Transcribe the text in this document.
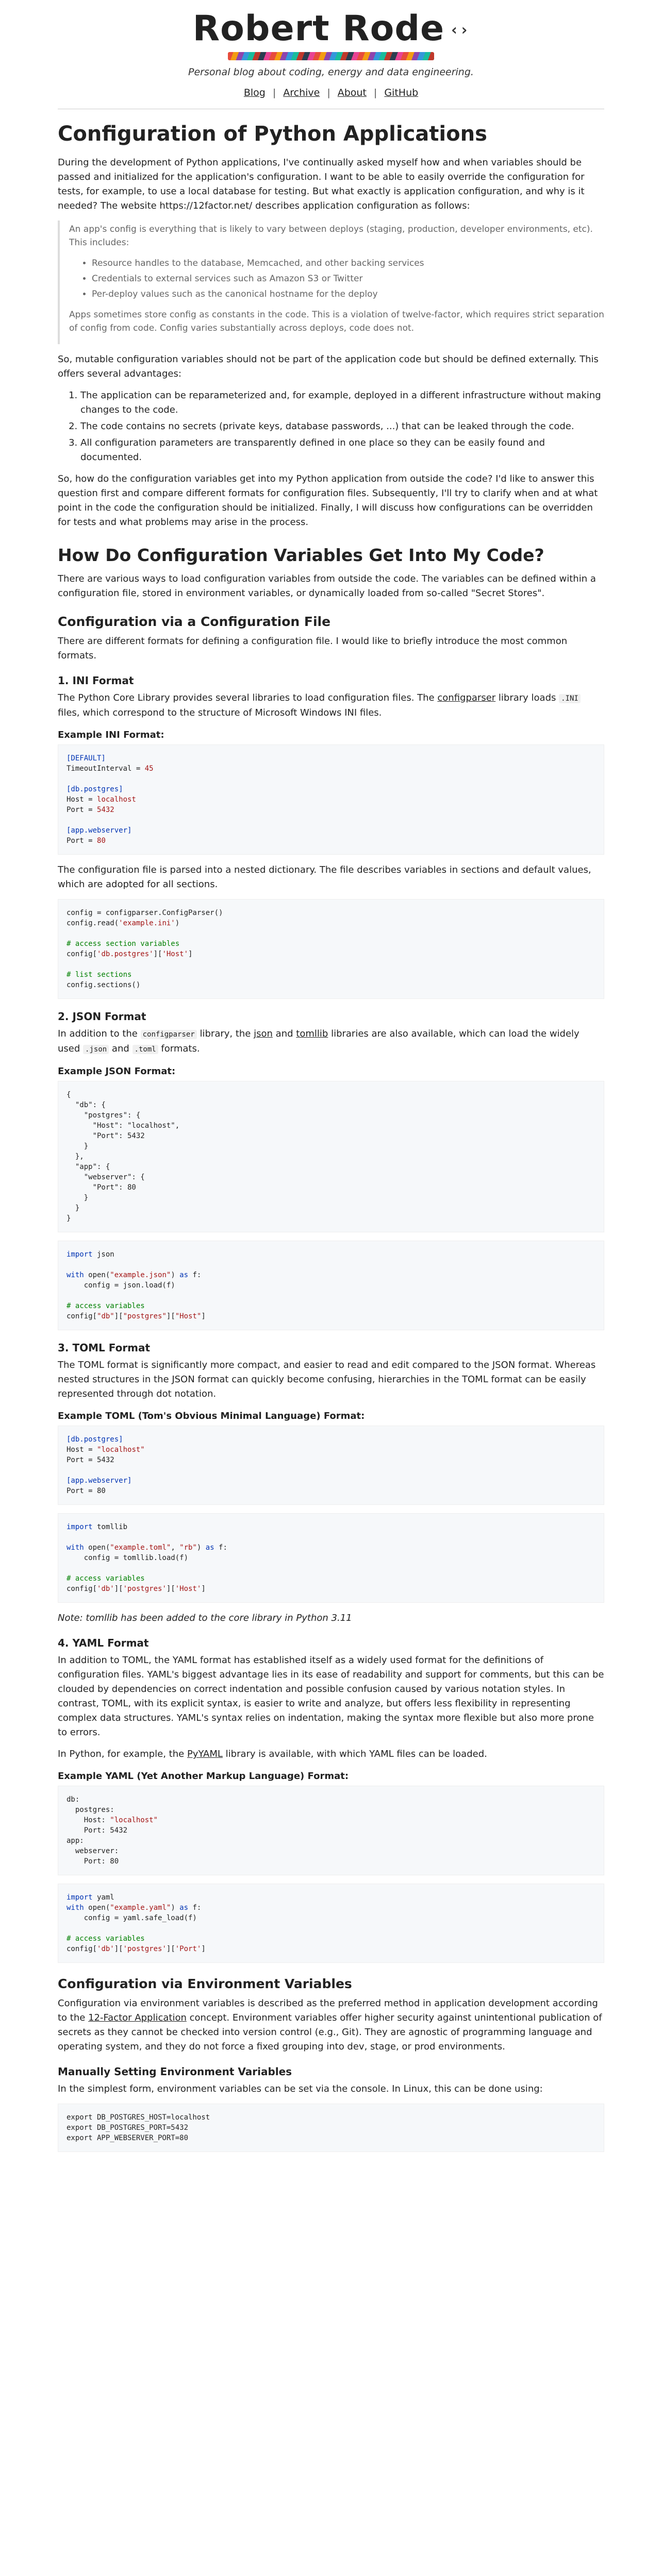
Robert Rode ‹›
Personal blog about coding, energy and data engineering.
Blog | Archive | About | GitHub
Configuration of Python Applications

During the development of Python applications, I've continually asked myself how and when variables should be passed and initialized for the application's configuration. I want to be able to easily override the configuration for tests, for example, to use a local database for testing. But what exactly is application configuration, and why is it needed? The website https://12factor.net/ describes application configuration as follows:

An app's config is everything that is likely to vary between deploys (staging, production, developer environments, etc). This includes:

• Resource handles to the database, Memcached, and other backing services
• Credentials to external services such as Amazon S3 or Twitter
• Per-deploy values such as the canonical hostname for the deploy

Apps sometimes store config as constants in the code. This is a violation of twelve-factor, which requires strict separation of config from code. Config varies substantially across deploys, code does not.

So, mutable configuration variables should not be part of the application code but should be defined externally. This offers several advantages:

1. The application can be reparameterized and, for example, deployed in a different infrastructure without making changes to the code.
2. The code contains no secrets (private keys, database passwords, ...) that can be leaked through the code.
3. All configuration parameters are transparently defined in one place so they can be easily found and documented.

So, how do the configuration variables get into my Python application from outside the code? I'd like to answer this question first and compare different formats for configuration files. Subsequently, I'll try to clarify when and at what point in the code the configuration should be initialized. Finally, I will discuss how configurations can be overridden for tests and what problems may arise in the process.

How Do Configuration Variables Get Into My Code?

There are various ways to load configuration variables from outside the code. The variables can be defined within a configuration file, stored in environment variables, or dynamically loaded from so-called "Secret Stores".

Configuration via a Configuration File

There are different formats for defining a configuration file. I would like to briefly introduce the most common formats.

1. INI Format

The Python Core Library provides several libraries to load configuration files. The configparser library loads .INI files, which correspond to the structure of Microsoft Windows INI files.

Example INI Format:
[DEFAULT]
TimeoutInterval = 45

[db.postgres]
Host = localhost
Port = 5432

[app.webserver]
Port = 80

The configuration file is parsed into a nested dictionary. The file describes variables in sections and default values, which are adopted for all sections.

config = configparser.ConfigParser()
config.read('example.ini')

# access section variables
config['db.postgres']['Host']

# list sections
config.sections()
2. JSON Format

In addition to the configparser library, the json and tomllib libraries are also available, which can load the widely used .json and .toml formats.

Example JSON Format:
{
"db": {
"postgres": {
"Host": "localhost",
"Port": 5432
}
},
"app": {
"webserver": {
"Port": 80
}
}
}
import json

with open("example.json") as f:
config = json.load(f)

# access variables
config["db"]["postgres"]["Host"]
3. TOML Format

The TOML format is significantly more compact, and easier to read and edit compared to the JSON format. Whereas nested structures in the JSON format can quickly become confusing, hierarchies in the TOML format can be easily represented through dot notation.

Example TOML (Tom's Obvious Minimal Language) Format:
[db.postgres]
Host = "localhost"
Port = 5432

[app.webserver]
Port = 80
import tomllib

with open("example.toml", "rb") as f:
config = tomllib.load(f)

# access variables
config['db']['postgres']['Host']

Note: tomllib has been added to the core library in Python 3.11

4. YAML Format

In addition to TOML, the YAML format has established itself as a widely used format for the definitions of configuration files. YAML's biggest advantage lies in its ease of readability and support for comments, but this can be clouded by dependencies on correct indentation and possible confusion caused by various notation styles. In contrast, TOML, with its explicit syntax, is easier to write and analyze, but offers less flexibility in representing complex data structures. YAML's syntax relies on indentation, making the syntax more flexible but also more prone to errors.

In Python, for example, the PyYAML library is available, with which YAML files can be loaded.

Example YAML (Yet Another Markup Language) Format:
db:
postgres:
Host: "localhost"
Port: 5432
app:
webserver:
Port: 80
import yaml
with open("example.yaml") as f:
config = yaml.safe_load(f)

# access variables
config['db']['postgres']['Port']
Configuration via Environment Variables

Configuration via environment variables is described as the preferred method in application development according to the 12-Factor Application concept. Environment variables offer higher security against unintentional publication of secrets as they cannot be checked into version control (e.g., Git). They are agnostic of programming language and operating system, and they do not force a fixed grouping into dev, stage, or prod environments.

Manually Setting Environment Variables

In the simplest form, environment variables can be set via the console. In Linux, this can be done using:

export DB_POSTGRES_HOST=localhost
export DB_POSTGRES_PORT=5432
export APP_WEBSERVER_PORT=80
